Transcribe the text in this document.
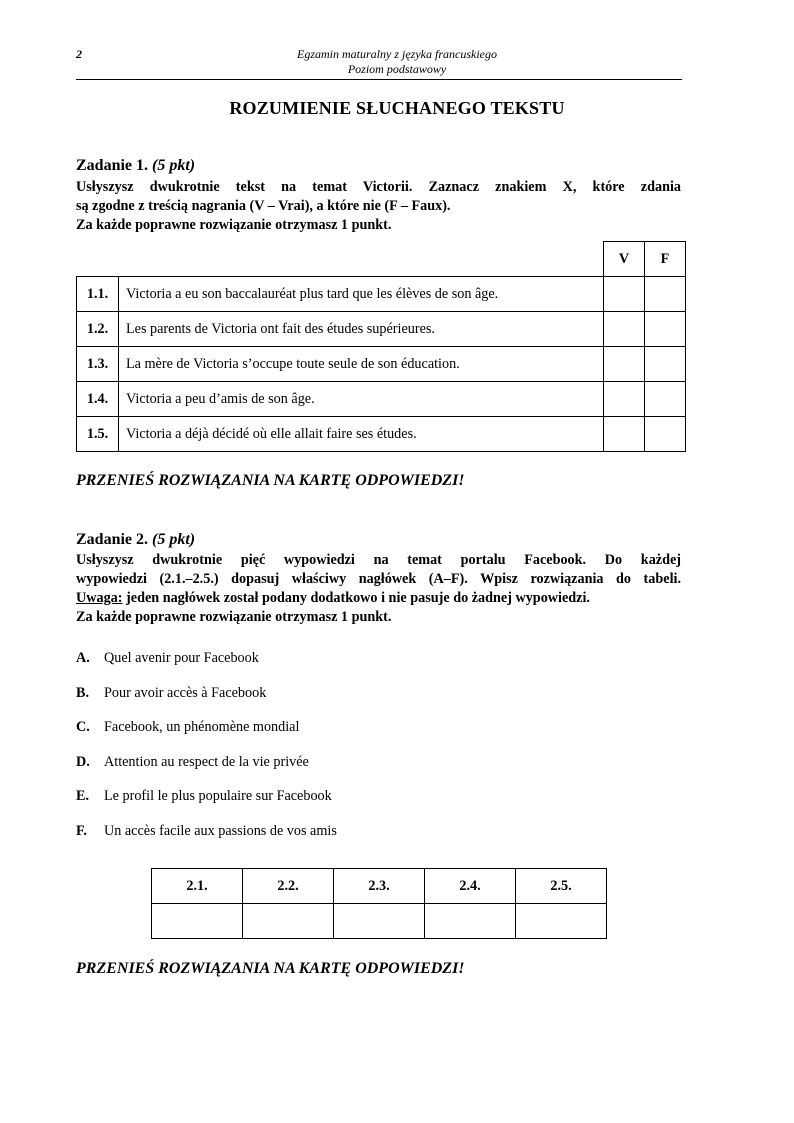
2	Egzamin maturalny z języka francuskiego
Poziom podstawowy
ROZUMIENIE SŁUCHANEGO TEKSTU
Zadanie 1. (5 pkt)

Usłyszysz dwukrotnie tekst na temat Victorii. Zaznacz znakiem X, które zdania

są zgodne z treścią nagrania (V – Vrai), a które nie (F – Faux).

Za każde poprawne rozwiązanie otrzymasz 1 punkt.

		V	F
1.1.	Victoria a eu son baccalauréat plus tard que les élèves de son âge.		
1.2.	Les parents de Victoria ont fait des études supérieures.		
1.3.	La mère de Victoria s’occupe toute seule de son éducation.		
1.4.	Victoria a peu d’amis de son âge.		
1.5.	Victoria a déjà décidé où elle allait faire ses études.		
PRZENIEŚ ROZWIĄZANIA NA KARTĘ ODPOWIEDZI!
Zadanie 2. (5 pkt)

Usłyszysz dwukrotnie pięć wypowiedzi na temat portalu Facebook. Do każdej

wypowiedzi (2.1.–2.5.) dopasuj właściwy nagłówek (A–F). Wpisz rozwiązania do tabeli.

Uwaga: jeden nagłówek został podany dodatkowo i nie pasuje do żadnej wypowiedzi.

Za każde poprawne rozwiązanie otrzymasz 1 punkt.

A. Quel avenir pour Facebook
B. Pour avoir accès à Facebook
C. Facebook, un phénomène mondial
D. Attention au respect de la vie privée
E. Le profil le plus populaire sur Facebook
F. Un accès facile aux passions de vos amis
2.1.	2.2.	2.3.	2.4.	2.5.

PRZENIEŚ ROZWIĄZANIA NA KARTĘ ODPOWIEDZI!
